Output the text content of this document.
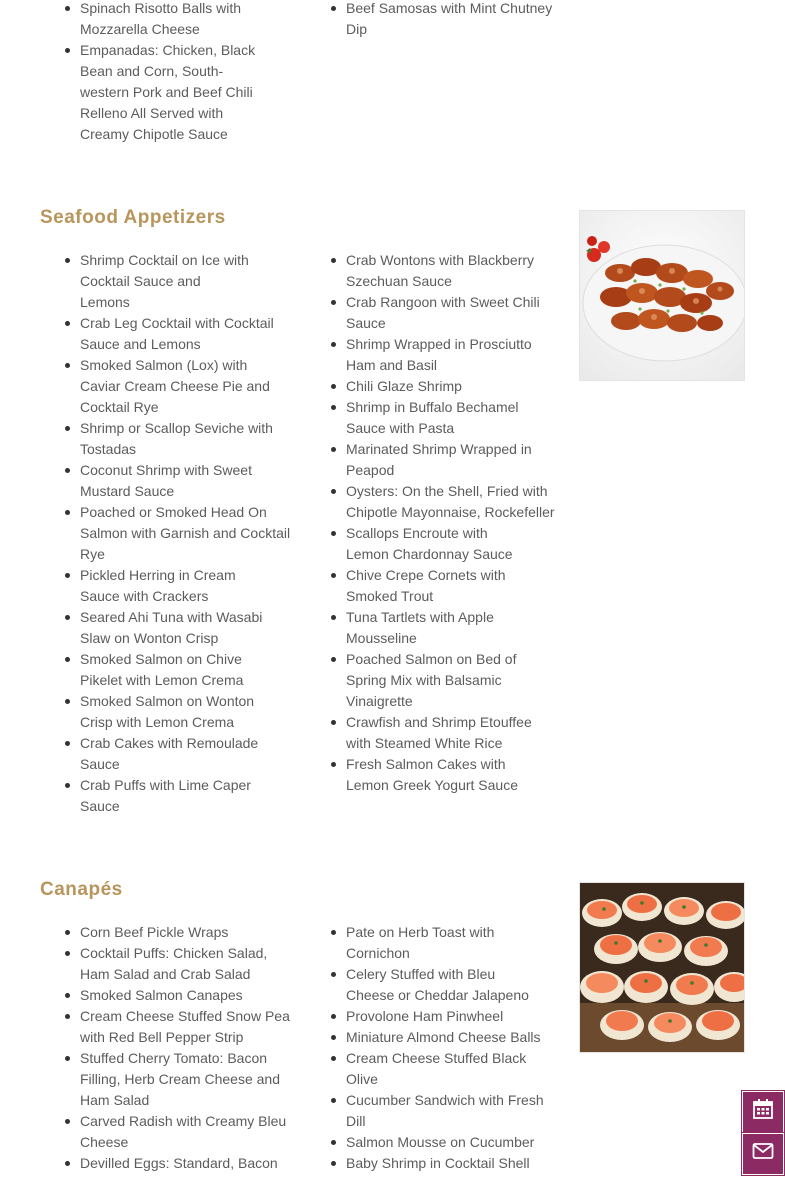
Spinach Risotto Balls with Mozzarella Cheese
Empanadas: Chicken, Black Bean and Corn, South-western Pork and Beef Chili Relleno All Served with Creamy Chipotle Sauce
Beef Samosas with Mint Chutney Dip
Seafood Appetizers
Shrimp Cocktail on Ice with Cocktail Sauce and Lemons
Crab Leg Cocktail with Cocktail Sauce and Lemons
Smoked Salmon (Lox) with Caviar Cream Cheese Pie and Cocktail Rye
Shrimp or Scallop Seviche with Tostadas
Coconut Shrimp with Sweet Mustard Sauce
Poached or Smoked Head On Salmon with Garnish and Cocktail Rye
Pickled Herring in Cream Sauce with Crackers
Seared Ahi Tuna with Wasabi Slaw on Wonton Crisp
Smoked Salmon on Chive Pikelet with Lemon Crema
Smoked Salmon on Wonton Crisp with Lemon Crema
Crab Cakes with Remoulade Sauce
Crab Puffs with Lime Caper Sauce
Crab Wontons with Blackberry Szechuan Sauce
Crab Rangoon with Sweet Chili Sauce
Shrimp Wrapped in Prosciutto Ham and Basil
Chili Glaze Shrimp
Shrimp in Buffalo Bechamel Sauce with Pasta
Marinated Shrimp Wrapped in Peapod
Oysters: On the Shell, Fried with Chipotle Mayonnaise, Rockefeller
Scallops Encroute with Lemon Chardonnay Sauce
Chive Crepe Cornets with Smoked Trout
Tuna Tartlets with Apple Mousseline
Poached Salmon on Bed of Spring Mix with Balsamic Vinaigrette
Crawfish and Shrimp Etouffee with Steamed White Rice
Fresh Salmon Cakes with Lemon Greek Yogurt Sauce
Canapés
Corn Beef Pickle Wraps
Cocktail Puffs: Chicken Salad, Ham Salad and Crab Salad
Smoked Salmon Canapes
Cream Cheese Stuffed Snow Pea with Red Bell Pepper Strip
Stuffed Cherry Tomato: Bacon Filling, Herb Cream Cheese and Ham Salad
Carved Radish with Creamy Bleu Cheese
Devilled Eggs: Standard, Bacon
Pate on Herb Toast with Cornichon
Celery Stuffed with Bleu Cheese or Cheddar Jalapeno
Provolone Ham Pinwheel
Miniature Almond Cheese Balls
Cream Cheese Stuffed Black Olive
Cucumber Sandwich with Fresh Dill
Salmon Mousse on Cucumber
Baby Shrimp in Cocktail Shell
